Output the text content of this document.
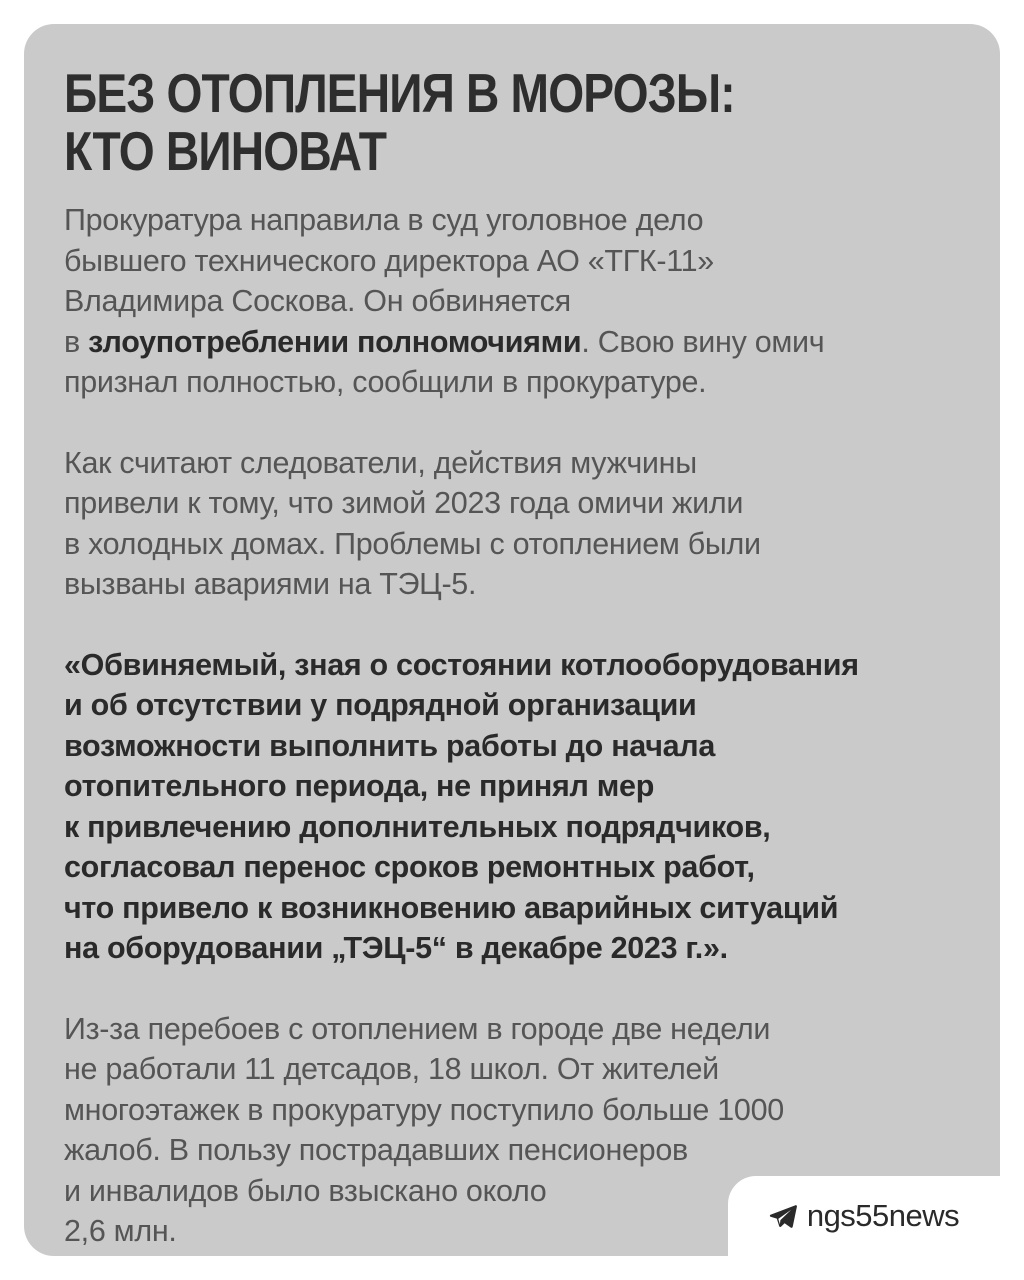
БЕЗ ОТОПЛЕНИЯ В МОРОЗЫ:
КТО ВИНОВАТ

Прокуратура направила в суд уголовное дело
бывшего технического директора АО «ТГК-11»
Владимира Соскова. Он обвиняется
в злоупотреблении полномочиями. Свою вину омич
признал полностью, сообщили в прокуратуре.

Как считают следователи, действия мужчины
привели к тому, что зимой 2023 года омичи жили
в холодных домах. Проблемы с отоплением были
вызваны авариями на ТЭЦ-5.

«Обвиняемый, зная о состоянии котлооборудования
и об отсутствии у подрядной организации
возможности выполнить работы до начала
отопительного периода, не принял мер
к привлечению дополнительных подрядчиков,
согласовал перенос сроков ремонтных работ,
что привело к возникновению аварийных ситуаций
на оборудовании „ТЭЦ-5“ в декабре 2023 г.».

Из-за перебоев с отоплением в городе две недели
не работали 11 детсадов, 18 школ. От жителей
многоэтажек в прокуратуру поступило больше 1000
жалоб. В пользу пострадавших пенсионеров
и инвалидов было взыскано около
2,6 млн.	ngs55news
